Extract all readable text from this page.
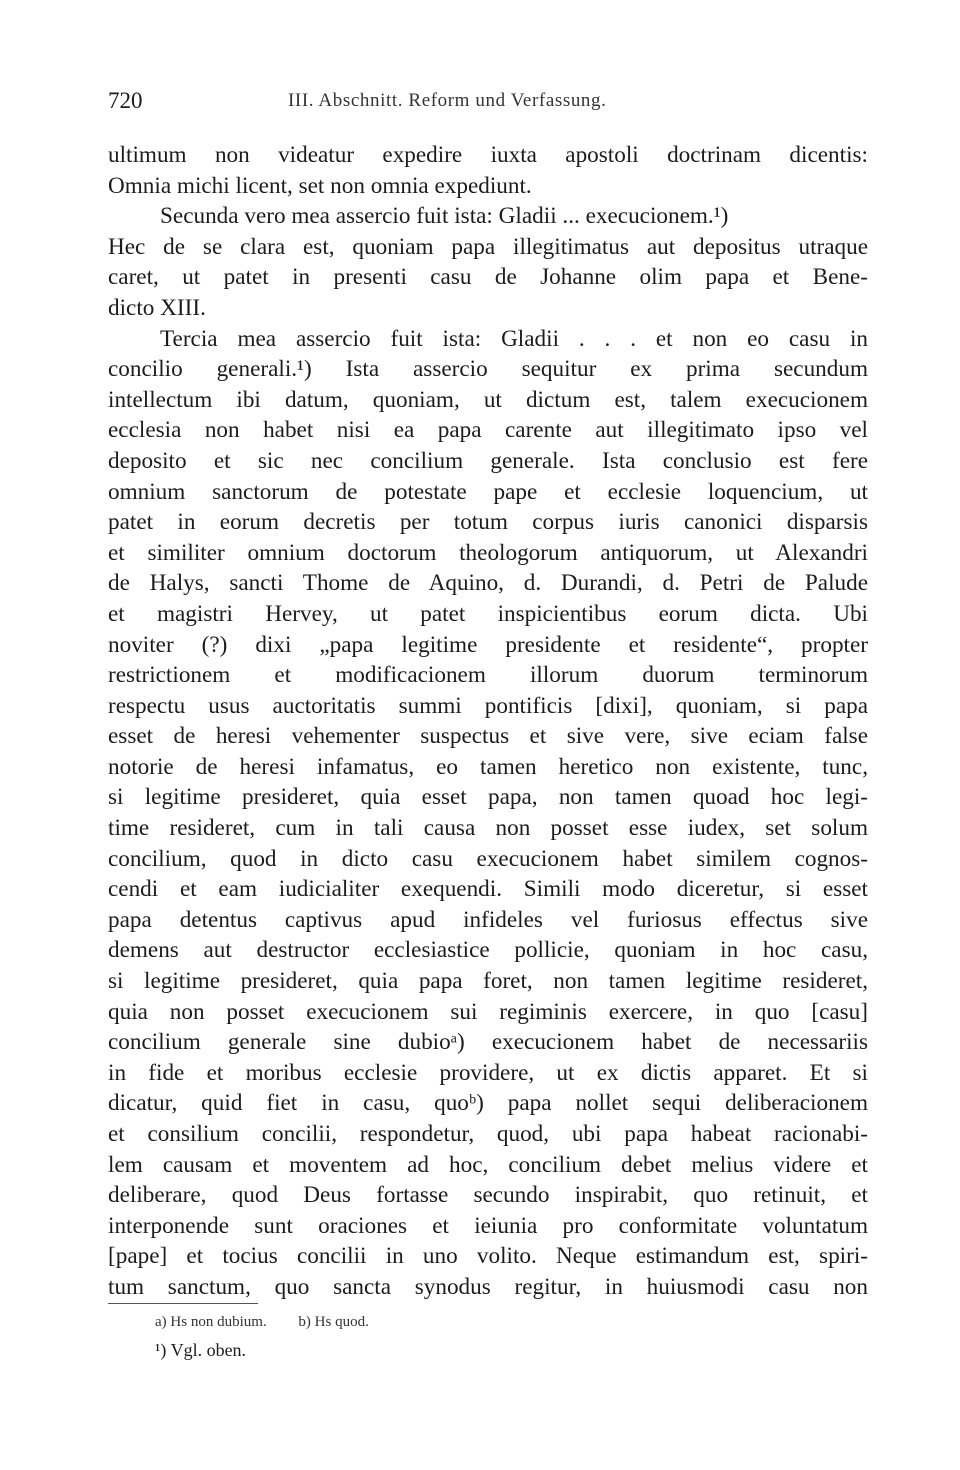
720	III. Abschnitt. Reform und Verfassung.
ultimum non videatur expedire iuxta apostoli doctrinam dicentis:
Omnia michi licent, set non omnia expediunt.
Secunda vero mea assercio fuit ista: Gladii ... execucionem.¹)
Hec de se clara est, quoniam papa illegitimatus aut depositus utraque
caret, ut patet in presenti casu de Johanne olim papa et Bene-
dicto XIII.
Tercia mea assercio fuit ista: Gladii . . . et non eo casu in
concilio generali.¹) Ista assercio sequitur ex prima secundum
intellectum ibi datum, quoniam, ut dictum est, talem execucionem
ecclesia non habet nisi ea papa carente aut illegitimato ipso vel
deposito et sic nec concilium generale. Ista conclusio est fere
omnium sanctorum de potestate pape et ecclesie loquencium, ut
patet in eorum decretis per totum corpus iuris canonici disparsis
et similiter omnium doctorum theologorum antiquorum, ut Alexandri
de Halys, sancti Thome de Aquino, d. Durandi, d. Petri de Palude
et magistri Hervey, ut patet inspicientibus eorum dicta. Ubi
noviter (?) dixi „papa legitime presidente et residente“, propter
restrictionem et modificacionem illorum duorum terminorum
respectu usus auctoritatis summi pontificis [dixi], quoniam, si papa
esset de heresi vehementer suspectus et sive vere, sive eciam false
notorie de heresi infamatus, eo tamen heretico non existente, tunc,
si legitime presideret, quia esset papa, non tamen quoad hoc legi-
time resideret, cum in tali causa non posset esse iudex, set solum
concilium, quod in dicto casu execucionem habet similem cognos-
cendi et eam iudicialiter exequendi. Simili modo diceretur, si esset
papa detentus captivus apud infideles vel furiosus effectus sive
demens aut destructor ecclesiastice pollicie, quoniam in hoc casu,
si legitime presideret, quia papa foret, non tamen legitime resideret,
quia non posset execucionem sui regiminis exercere, in quo [casu]
concilium generale sine dubioᵃ) execucionem habet de necessariis
in fide et moribus ecclesie providere, ut ex dictis apparet. Et si
dicatur, quid fiet in casu, quoᵇ) papa nollet sequi deliberacionem
et consilium concilii, respondetur, quod, ubi papa habeat racionabi-
lem causam et moventem ad hoc, concilium debet melius videre et
deliberare, quod Deus fortasse secundo inspirabit, quo retinuit, et
interponende sunt oraciones et ieiunia pro conformitate voluntatum
[pape] et tocius concilii in uno volito. Neque estimandum est, spiri-
tum sanctum, quo sancta synodus regitur, in huiusmodi casu non
a) Hs non dubium. b) Hs quod.
¹) Vgl. oben.
